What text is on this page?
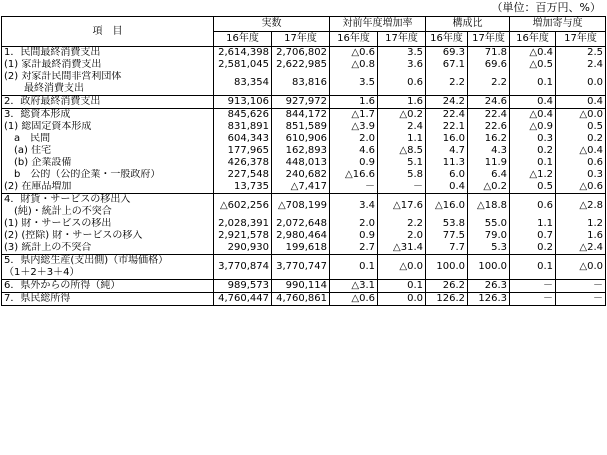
（単位：百万円、%）
項　目	実数		対前年度増加率		構成比		増加寄与度	
	16年度	17年度	16年度	17年度	16年度	17年度	16年度	17年度

1．民間最終消費支出	2,614,398	2,706,802	△0.6	3.5	69.3	71.8	△0.4	2.5

(1) 家計最終消費支出	2,581,045	2,622,985	△0.8	3.6	67.1	69.6	△0.5	2.4

(2) 対家計民間非営利団体
　　最終消費支出	83,354	83,816	3.5	0.6	2.2	2.2	0.1	0.0

2．政府最終消費支出	913,106	927,972	1.6	1.6	24.2	24.6	0.4	0.4

3．総資本形成	845,626	844,172	△1.7	△0.2	22.4	22.4	△0.4	△0.0

(1) 総固定資本形成	831,891	851,589	△3.9	2.4	22.1	22.6	△0.9	0.5

　a　民間	604,343	610,906	2.0	1.1	16.0	16.2	0.3	0.2

　(a) 住宅	177,965	162,893	4.6	△8.5	4.7	4.3	0.2	△0.4

　(b) 企業設備	426,378	448,013	0.9	5.1	11.3	11.9	0.1	0.6

　b　公的（公的企業・一般政府）	227,548	240,682	△16.6	5.8	6.0	6.4	△1.2	0.3

(2) 在庫品増加	13,735	△7,417	－	－	0.4	△0.2	0.5	△0.6

4．財貨・サービスの移出入
　(純)・統計上の不突合	△602,256	△708,199	3.4	△17.6	△16.0	△18.8	0.6	△2.8

(1) 財・サービスの移出	2,028,391	2,072,648	2.0	2.2	53.8	55.0	1.1	1.2

(2) (控除) 財・サービスの移入	2,921,578	2,980,464	0.9	2.0	77.5	79.0	0.7	1.6

(3) 統計上の不突合	290,930	199,618	2.7	△31.4	7.7	5.3	0.2	△2.4

5．県内総生産(支出側)（市場価格）
（1＋2＋3＋4）	3,770,874	3,770,747	0.1	△0.0	100.0	100.0	0.1	△0.0

6．県外からの所得（純）	989,573	990,114	△3.1	0.1	26.2	26.3	－	－

7．県民総所得	4,760,447	4,760,861	△0.6	0.0	126.2	126.3	－	－
